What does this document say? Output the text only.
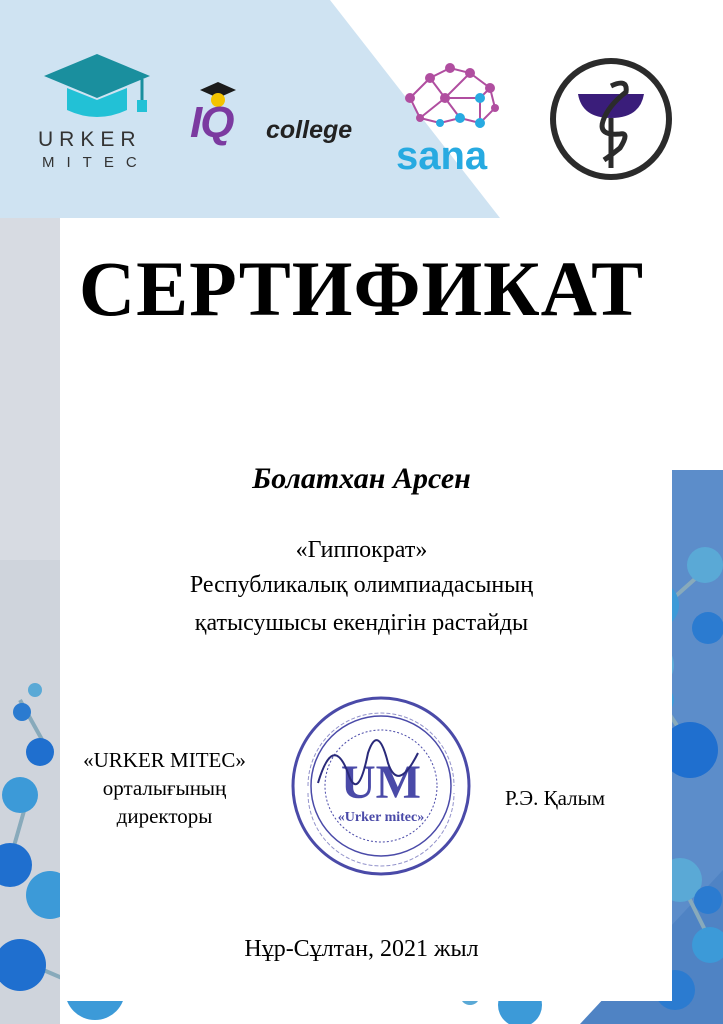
URKER
MITEC
IQ college
sana
СЕРТИФИКАТ
Болатхан Арсен
«Гиппократ»
Республикалық олимпиадасының
қатысушысы екендігін растайды
«URKER MITEC»
орталығының
директоры
UM
«Urker mitec»
Р.Э. Қалым
Нұр-Сұлтан, 2021 жыл
